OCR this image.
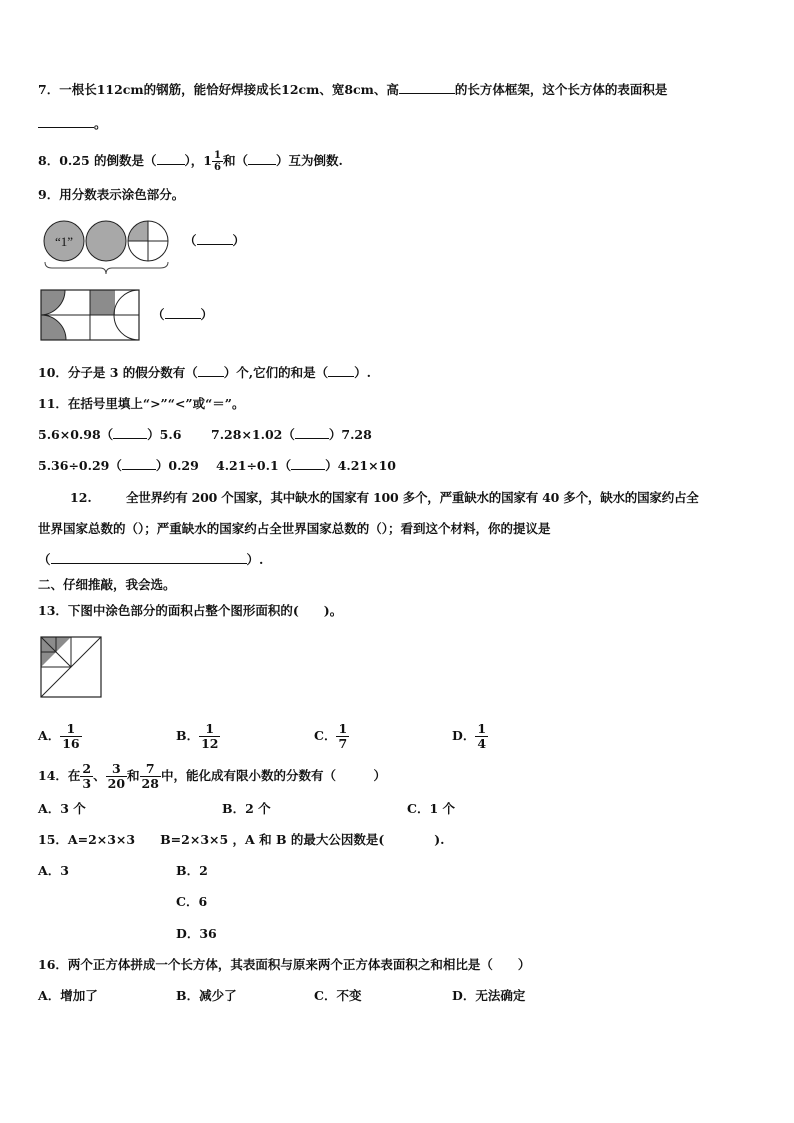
7．一根长112cm的钢筋，能恰好焊接成长12cm、宽8cm、高	的长方体框架，这个长方体的表面积是
。
8．0.25 的倒数是（ ），$1 \frac{1}{6}$ 和（ ）互为倒数.
9．用分数表示涂色部分。
“1”	（	）
（	）
10．分子是 3 的假分数有（ ）个,它们的和是（ ）.
11．在括号里填上“>”“<”或“＝”。
5.6×0.98（	）5.6 7.28×1.02（	）7.28
5.36÷0.29（	）0.29 4.21÷0.1（	）4.21×10
12.	全世界约有 200 个国家，其中缺水的国家有 100 多个，严重缺水的国家有 40 多个，缺水的国家约占全
世界国家总数的（）；严重缺水的国家约占全世界国家总数的（）；看到这个材料，你的提议是
（	）.
二、仔细推敲，我会选。
13．下图中涂色部分的面积占整个图形面积的(　　)。
A． $\frac{1}{16}$	B． $\frac{1}{12}$	C． $\frac{1}{7}$	D． $\frac{1}{4}$
14．在 $\frac{2}{3}$ 、 $\frac{3}{20}$ 和 $\frac{7}{28}$ 中，能化成有限小数的分数有（　　　）
A．3 个	B．2 个	C．1 个
15．A=2×3×3　　B=2×3×5 ，A 和 B 的最大公因数是(　　　　).
A．3	B．2
C．6
D．36
16．两个正方体拼成一个长方体，其表面积与原来两个正方体表面积之和相比是（　　）
A．增加了	B．减少了	C．不变	D．无法确定
